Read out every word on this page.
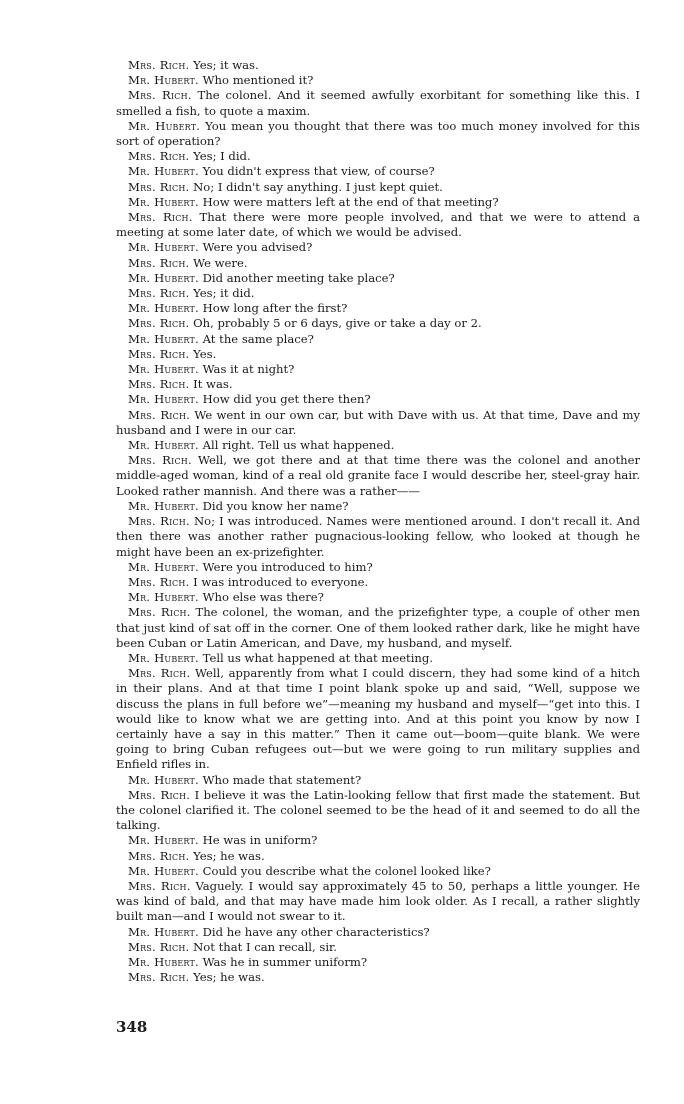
Mrs. Rich. Yes; it was.

Mr. Hubert. Who mentioned it?

Mrs. Rich. The colonel. And it seemed awfully exorbitant for something like this. I smelled a fish, to quote a maxim.

Mr. Hubert. You mean you thought that there was too much money involved for this sort of operation?

Mrs. Rich. Yes; I did.

Mr. Hubert. You didn't express that view, of course?

Mrs. Rich. No; I didn't say anything. I just kept quiet.

Mr. Hubert. How were matters left at the end of that meeting?

Mrs. Rich. That there were more people involved, and that we were to attend a meeting at some later date, of which we would be advised.

Mr. Hubert. Were you advised?

Mrs. Rich. We were.

Mr. Hubert. Did another meeting take place?

Mrs. Rich. Yes; it did.

Mr. Hubert. How long after the first?

Mrs. Rich. Oh, probably 5 or 6 days, give or take a day or 2.

Mr. Hubert. At the same place?

Mrs. Rich. Yes.

Mr. Hubert. Was it at night?

Mrs. Rich. It was.

Mr. Hubert. How did you get there then?

Mrs. Rich. We went in our own car, but with Dave with us. At that time, Dave and my husband and I were in our car.

Mr. Hubert. All right. Tell us what happened.

Mrs. Rich. Well, we got there and at that time there was the colonel and another middle-aged woman, kind of a real old granite face I would describe her, steel-gray hair. Looked rather mannish. And there was a rather——

Mr. Hubert. Did you know her name?

Mrs. Rich. No; I was introduced. Names were mentioned around. I don't recall it. And then there was another rather pugnacious-looking fellow, who looked at though he might have been an ex-prizefighter.

Mr. Hubert. Were you introduced to him?

Mrs. Rich. I was introduced to everyone.

Mr. Hubert. Who else was there?

Mrs. Rich. The colonel, the woman, and the prizefighter type, a couple of other men that just kind of sat off in the corner. One of them looked rather dark, like he might have been Cuban or Latin American, and Dave, my husband, and myself.

Mr. Hubert. Tell us what happened at that meeting.

Mrs. Rich. Well, apparently from what I could discern, they had some kind of a hitch in their plans. And at that time I point blank spoke up and said, “Well, suppose we discuss the plans in full before we”—meaning my husband and myself—“get into this. I would like to know what we are getting into. And at this point you know by now I certainly have a say in this matter.” Then it came out—boom—quite blank. We were going to bring Cuban refugees out—but we were going to run military supplies and Enfield rifles in.

Mr. Hubert. Who made that statement?

Mrs. Rich. I believe it was the Latin-looking fellow that first made the statement. But the colonel clarified it. The colonel seemed to be the head of it and seemed to do all the talking.

Mr. Hubert. He was in uniform?

Mrs. Rich. Yes; he was.

Mr. Hubert. Could you describe what the colonel looked like?

Mrs. Rich. Vaguely. I would say approximately 45 to 50, perhaps a little younger. He was kind of bald, and that may have made him look older. As I recall, a rather slightly built man—and I would not swear to it.

Mr. Hubert. Did he have any other characteristics?

Mrs. Rich. Not that I can recall, sir.

Mr. Hubert. Was he in summer uniform?

Mrs. Rich. Yes; he was.

348
